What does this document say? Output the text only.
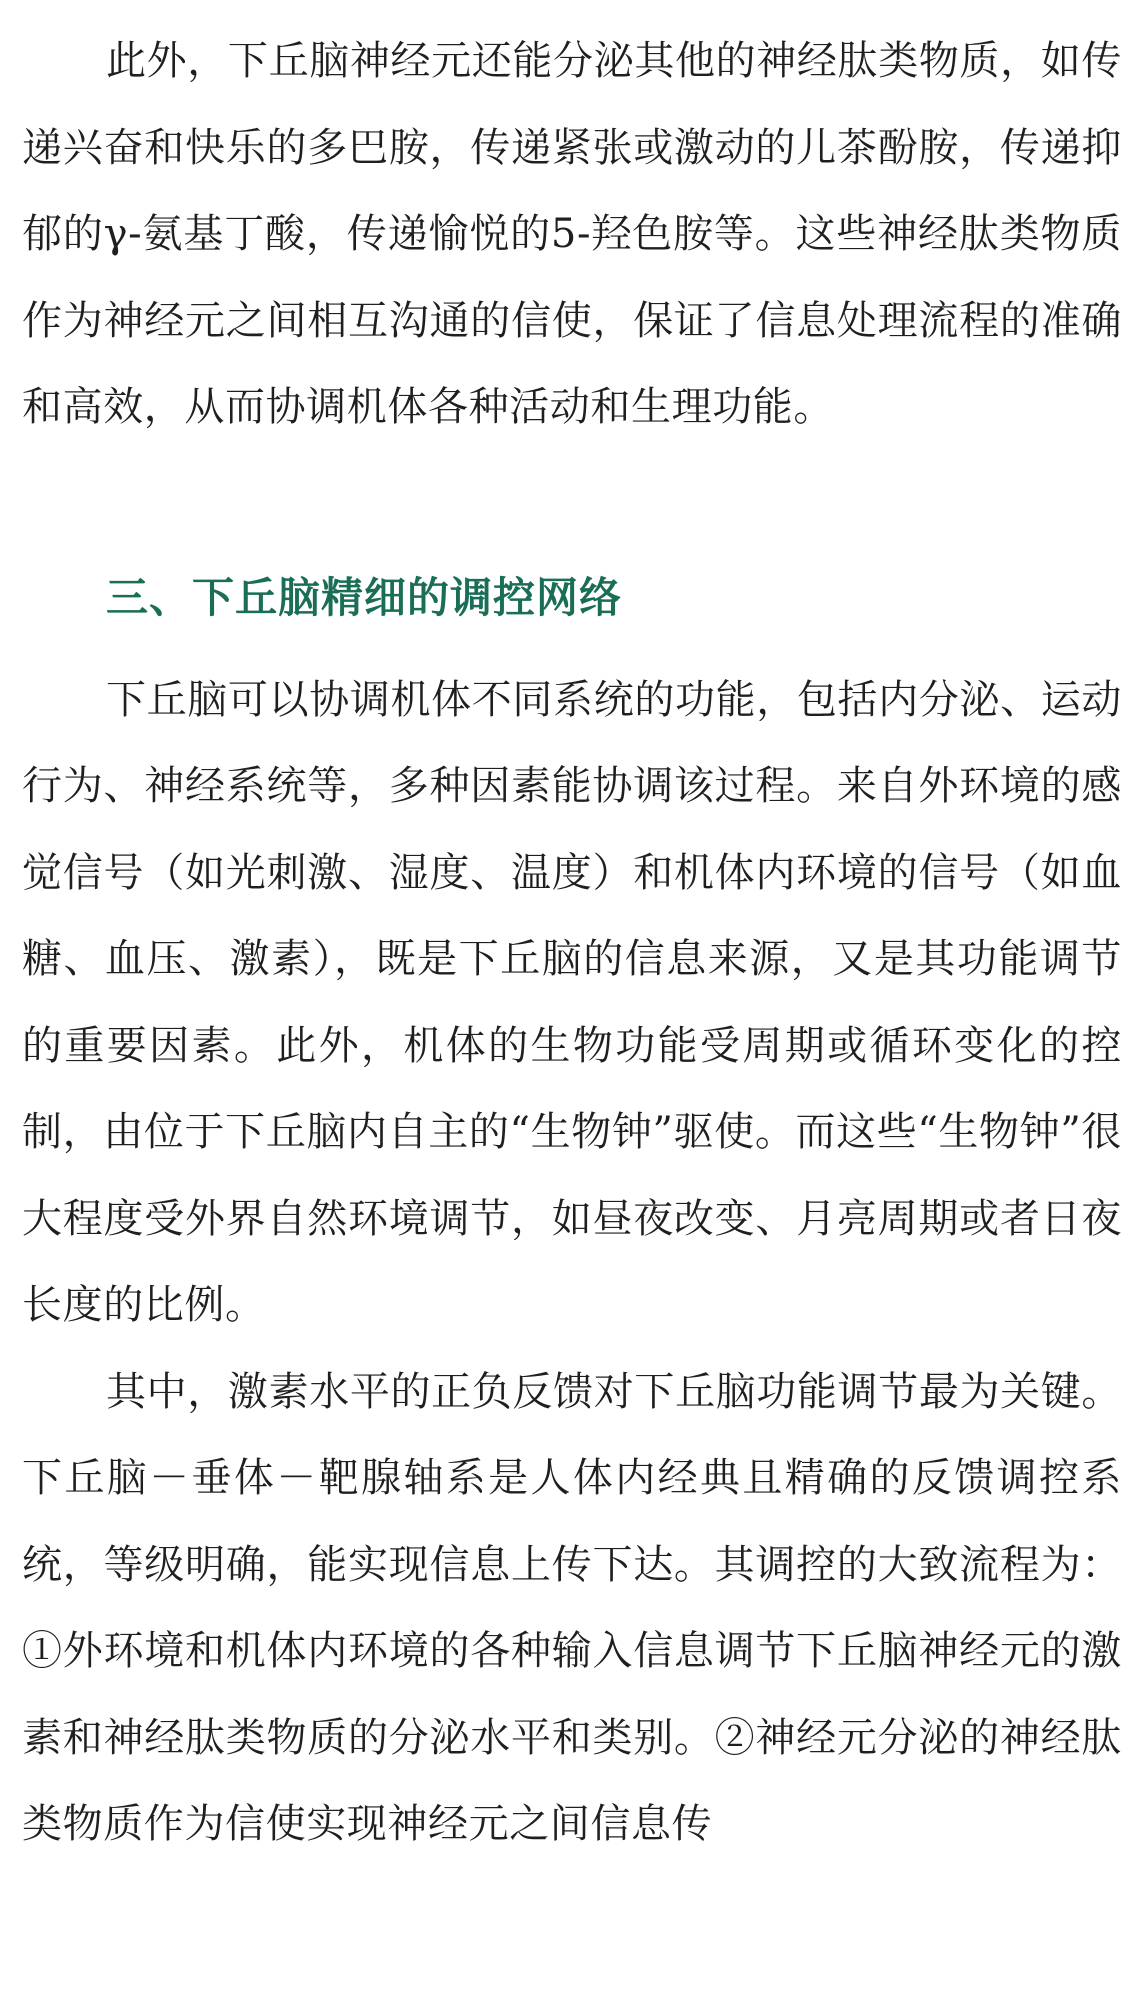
此外，下丘脑神经元还能分泌其他的神经肽类物质，如传递兴奋和快乐的多巴胺，传递紧张或激动的儿茶酚胺，传递抑郁的γ-氨基丁酸，传递愉悦的5-羟色胺等。这些神经肽类物质作为神经元之间相互沟通的信使，保证了信息处理流程的准确和高效，从而协调机体各种活动和生理功能。

三、下丘脑精细的调控网络

下丘脑可以协调机体不同系统的功能，包括内分泌、运动行为、神经系统等，多种因素能协调该过程。来自外环境的感觉信号（如光刺激、湿度、温度）和机体内环境的信号（如血糖、血压、激素），既是下丘脑的信息来源，又是其功能调节的重要因素。此外，机体的生物功能受周期或循环变化的控制，由位于下丘脑内自主的“生物钟”驱使。而这些“生物钟”很大程度受外界自然环境调节，如昼夜改变、月亮周期或者日夜长度的比例。

其中，激素水平的正负反馈对下丘脑功能调节最为关键。下丘脑－垂体－靶腺轴系是人体内经典且精确的反馈调控系统，等级明确，能实现信息上传下达。其调控的大致流程为：①外环境和机体内环境的各种输入信息调节下丘脑神经元的激素和神经肽类物质的分泌水平和类别。②神经元分泌的神经肽类物质作为信使实现神经元之间信息传
